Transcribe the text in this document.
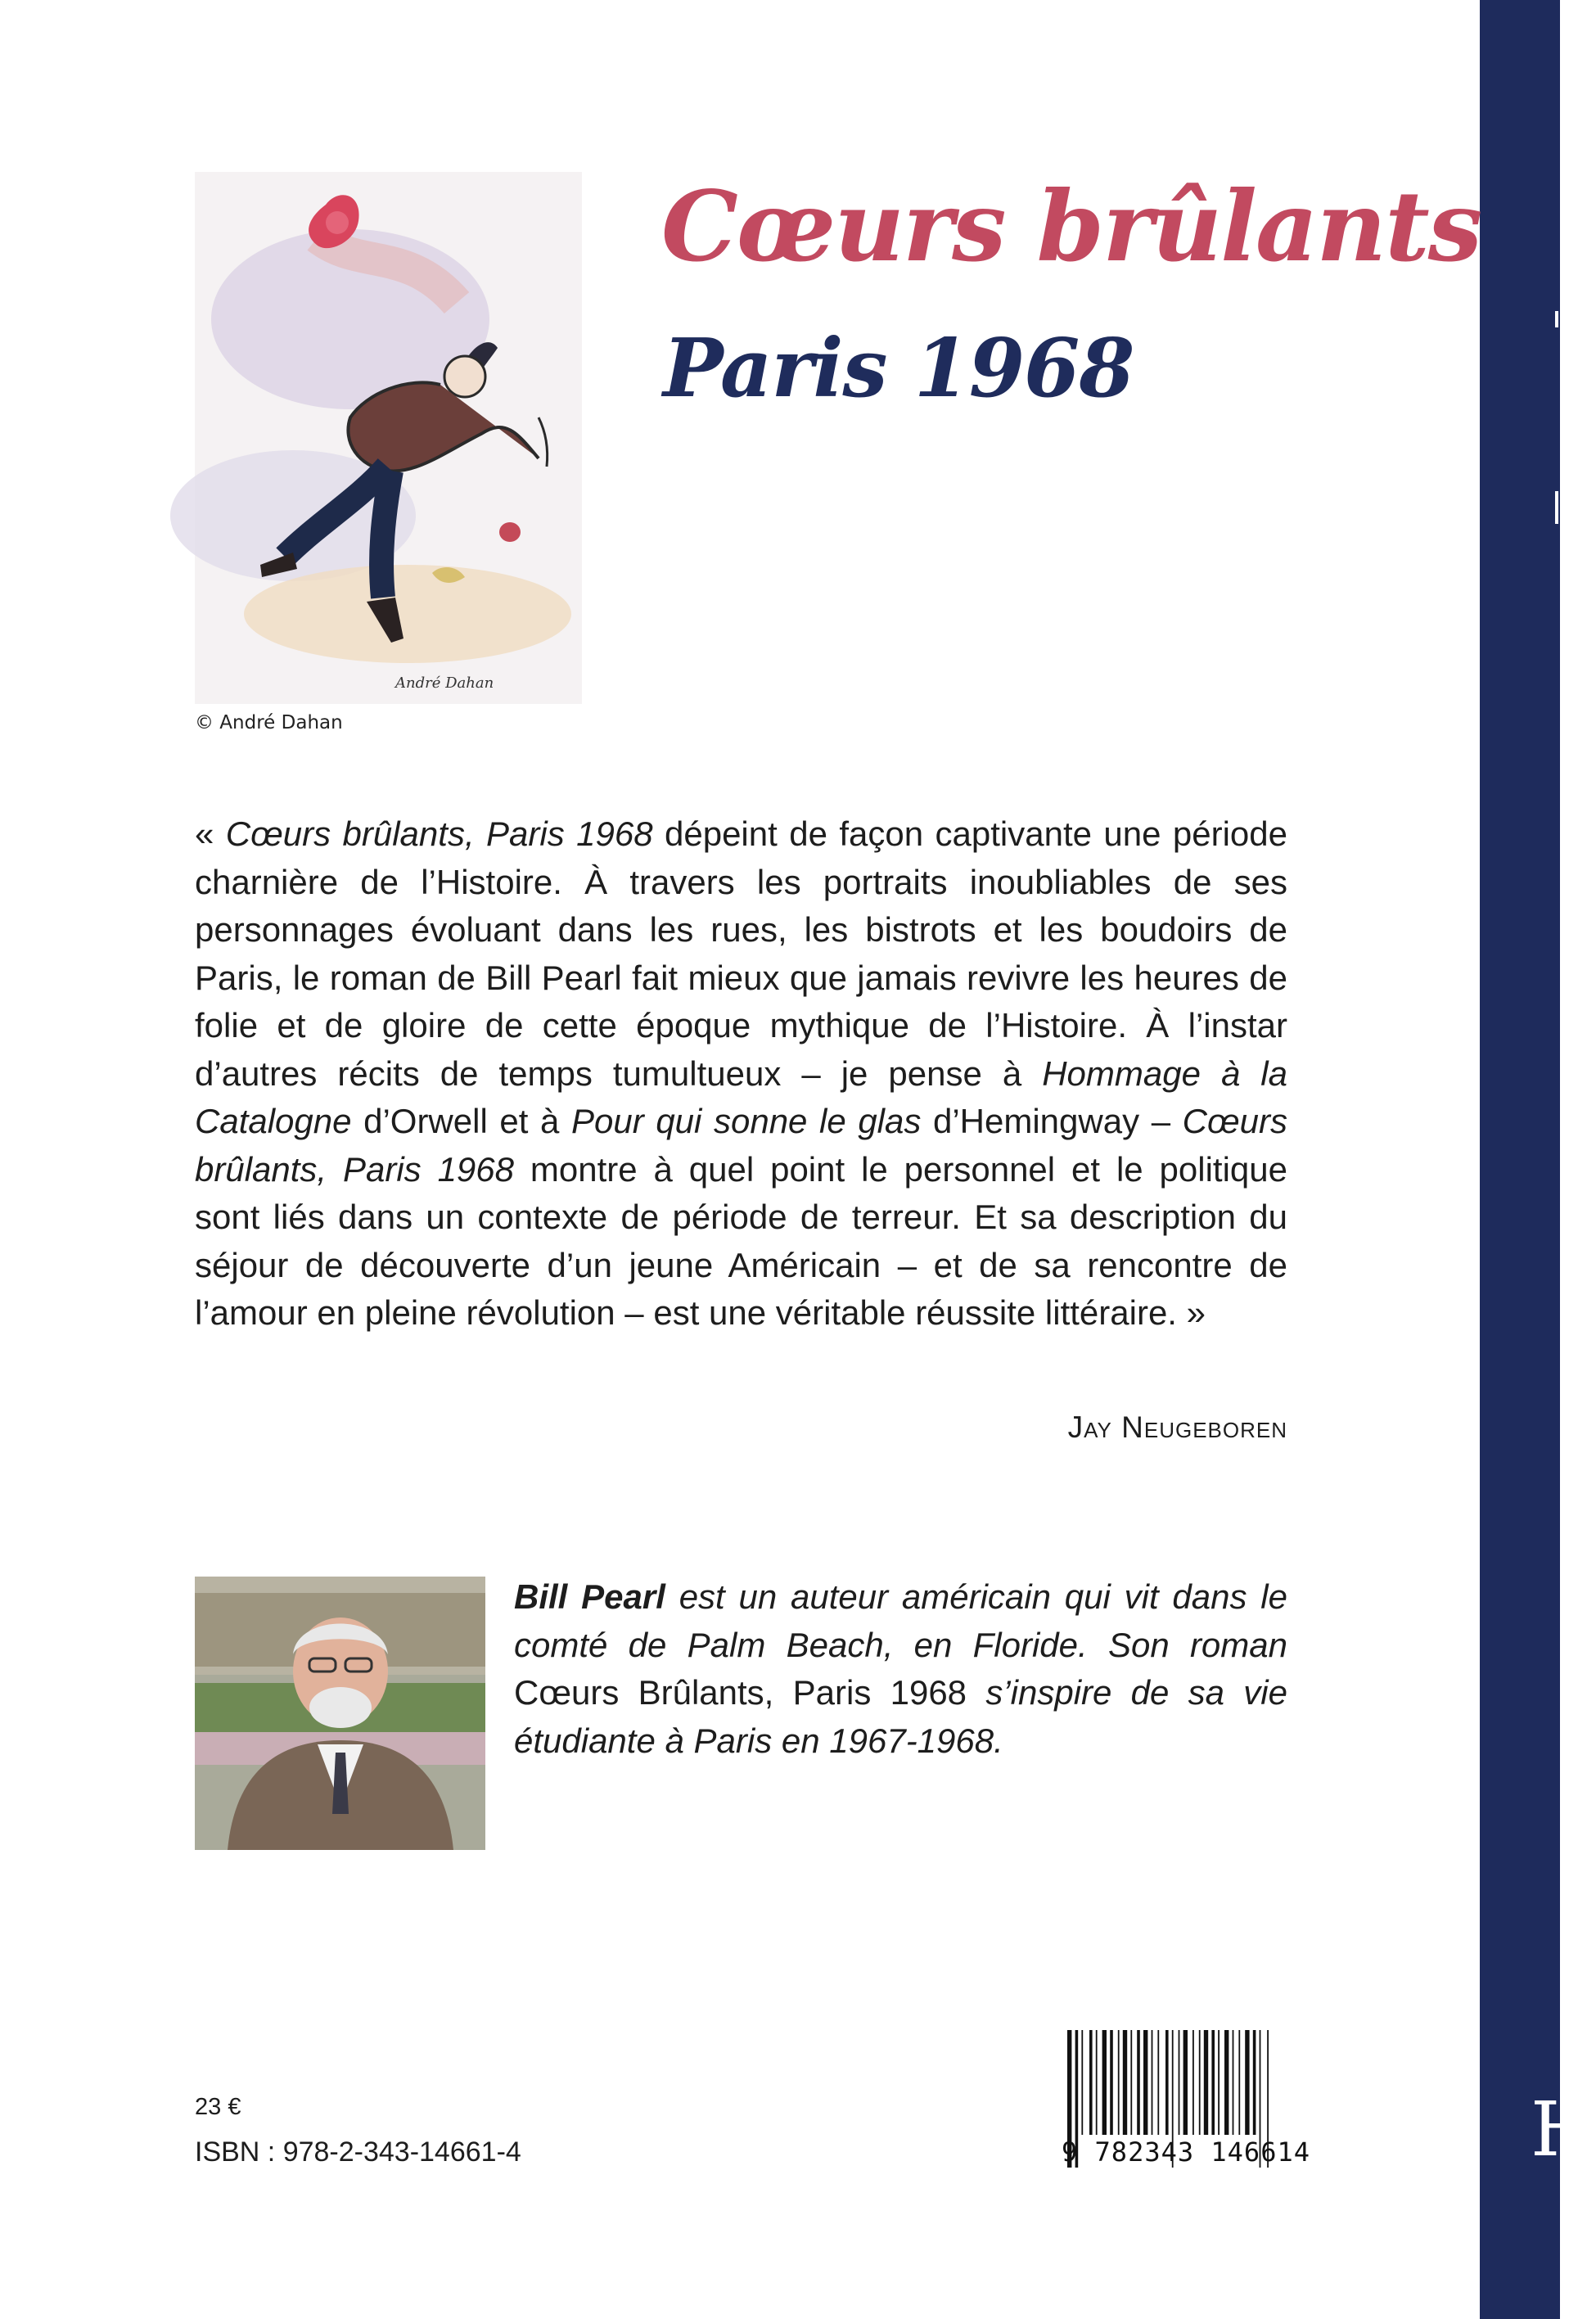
H
André Dahan
© André Dahan
Cœurs brûlants
Paris 1968
« Cœurs brûlants, Paris 1968 dépeint de façon captivante une période charnière de l’Histoire. À travers les portraits inoubliables de ses personnages évoluant dans les rues, les bistrots et les boudoirs de Paris, le roman de Bill Pearl fait mieux que jamais revivre les heures de folie et de gloire de cette époque mythique de l’Histoire. À l’instar d’autres récits de temps tumultueux – je pense à Hommage à la Catalogne d’Orwell et à Pour qui sonne le glas d’Hemingway – Cœurs brûlants, Paris 1968 montre à quel point le personnel et le politique sont liés dans un contexte de période de terreur. Et sa description du séjour de découverte d’un jeune Américain – et de sa rencontre de l’amour en pleine révolution – est une véritable réussite littéraire. »
Jay Neugeboren
Bill Pearl est un auteur américain qui vit dans le comté de Palm Beach, en Floride. Son roman Cœurs Brûlants, Paris 1968 s’inspire de sa vie étudiante à Paris en 1967-1968.
23 €
ISBN : 978-2-343-14661-4	9 782343 146614
